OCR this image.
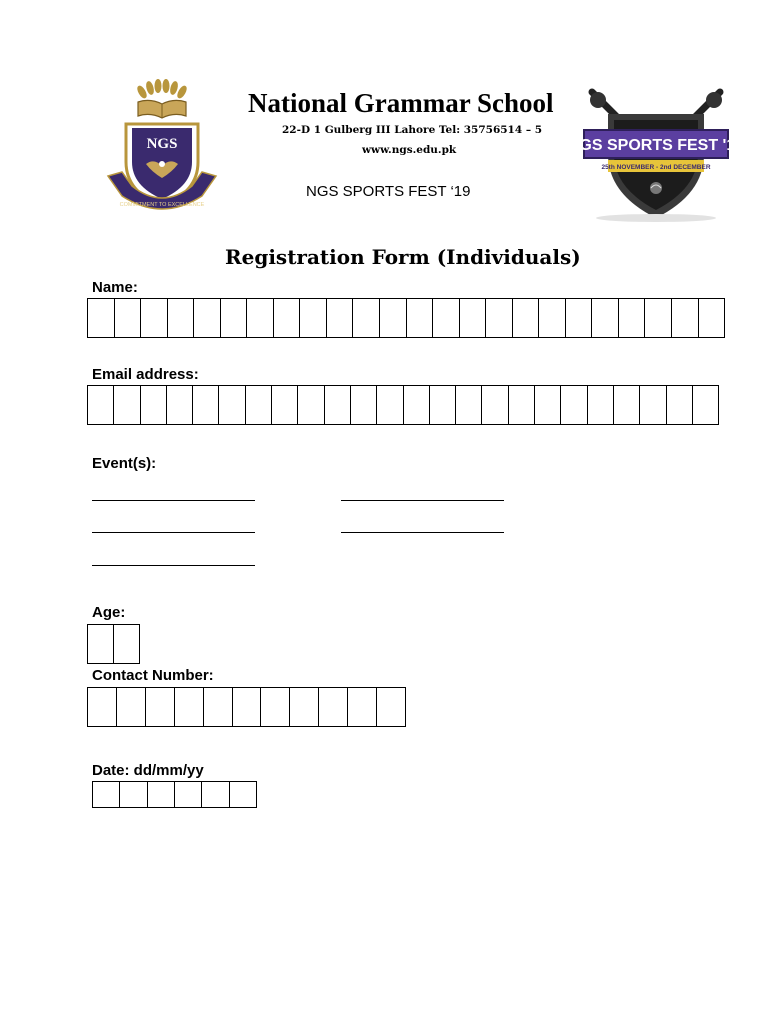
NGS
COMMITMENT TO EXCELLENCE
NGS SPORTS FEST '19
25th NOVEMBER - 2nd DECEMBER
National Grammar School
22-D 1 Gulberg III Lahore Tel: 35756514 – 5
www.ngs.edu.pk
NGS SPORTS FEST ‘19
Registration Form (Individuals)
Name:
Email address:
Event(s):
Age:
Contact Number:
Date: dd/mm/yy
